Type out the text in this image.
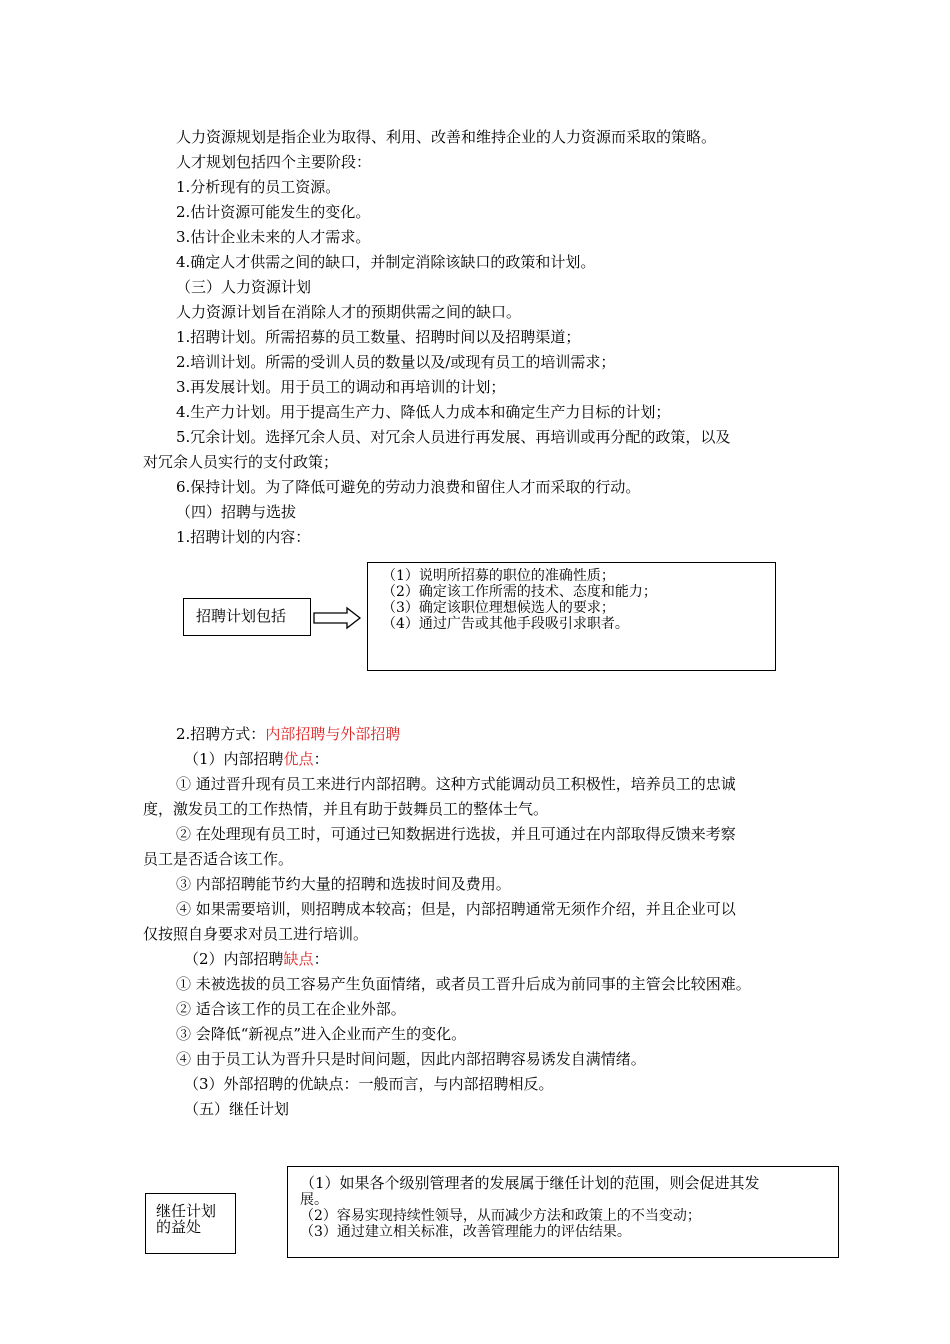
人力资源规划是指企业为取得、利用、改善和维持企业的人力资源而采取的策略。
人才规划包括四个主要阶段：
1.分析现有的员工资源。
2.估计资源可能发生的变化。
3.估计企业未来的人才需求。
4.确定人才供需之间的缺口，并制定消除该缺口的政策和计划。
（三）人力资源计划
人力资源计划旨在消除人才的预期供需之间的缺口。
1.招聘计划。所需招募的员工数量、招聘时间以及招聘渠道；
2.培训计划。所需的受训人员的数量以及/或现有员工的培训需求；
3.再发展计划。用于员工的调动和再培训的计划；
4.生产力计划。用于提高生产力、降低人力成本和确定生产力目标的计划；
5.冗余计划。选择冗余人员、对冗余人员进行再发展、再培训或再分配的政策，以及
对冗余人员实行的支付政策；
6.保持计划。为了降低可避免的劳动力浪费和留住人才而采取的行动。
（四）招聘与选拔
1.招聘计划的内容：
招聘计划包括
（1）说明所招募的职位的准确性质；
（2）确定该工作所需的技术、态度和能力；
（3）确定该职位理想候选人的要求；
（4）通过广告或其他手段吸引求职者。
2.招聘方式：内部招聘与外部招聘
（1）内部招聘优点：
① 通过晋升现有员工来进行内部招聘。这种方式能调动员工积极性，培养员工的忠诚
度，激发员工的工作热情，并且有助于鼓舞员工的整体士气。
② 在处理现有员工时，可通过已知数据进行选拔，并且可通过在内部取得反馈来考察
员工是否适合该工作。
③ 内部招聘能节约大量的招聘和选拔时间及费用。
④ 如果需要培训，则招聘成本较高；但是，内部招聘通常无须作介绍，并且企业可以
仅按照自身要求对员工进行培训。
（2）内部招聘缺点：
① 未被选拔的员工容易产生负面情绪，或者员工晋升后成为前同事的主管会比较困难。
② 适合该工作的员工在企业外部。
③ 会降低“新视点”进入企业而产生的变化。
④ 由于员工认为晋升只是时间问题，因此内部招聘容易诱发自满情绪。
（3）外部招聘的优缺点：一般而言，与内部招聘相反。
（五）继任计划
继任计划
的益处
（1）如果各个级别管理者的发展属于继任计划的范围，则会促进其发
展。
（2）容易实现持续性领导，从而减少方法和政策上的不当变动；
（3）通过建立相关标准，改善管理能力的评估结果。
